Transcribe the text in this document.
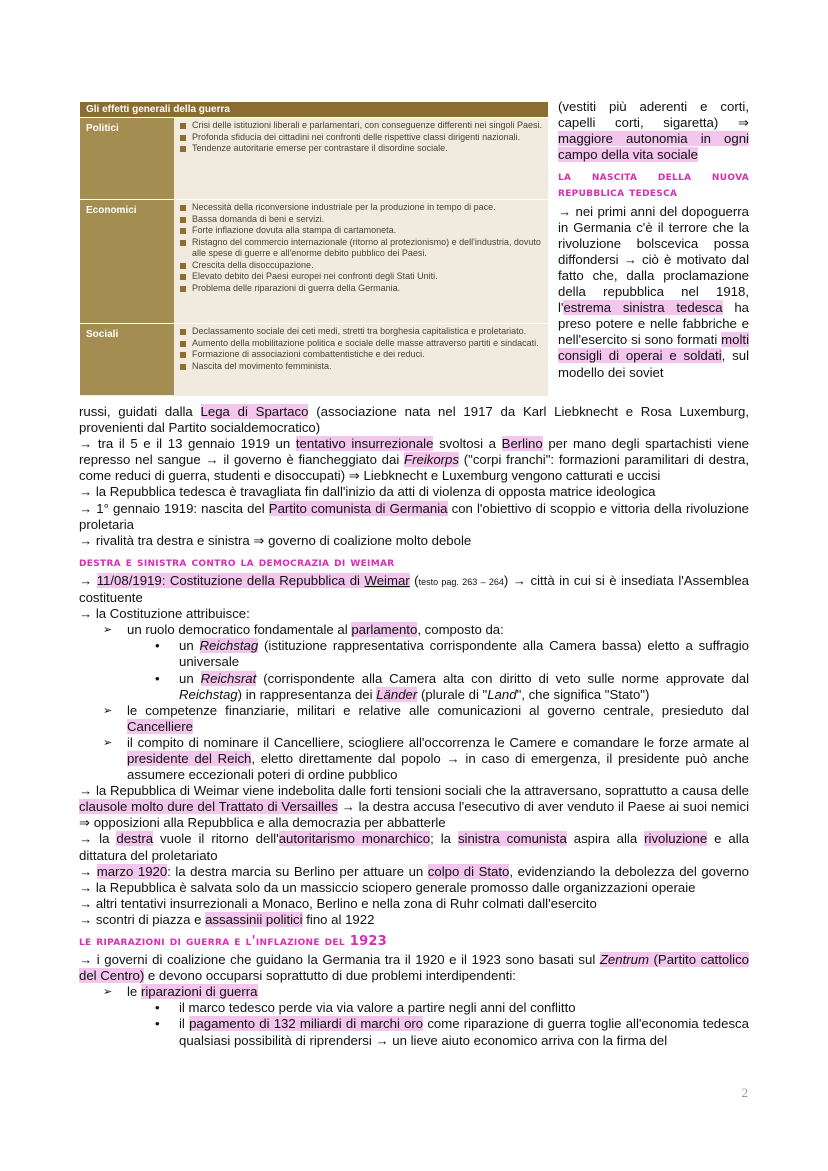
Gli effetti generali della guerra
Politici	Crisi delle istituzioni liberali e parlamentari, con conseguenze differenti nei singoli Paesi.
Profonda sfiducia dei cittadini nei confronti delle rispettive classi dirigenti nazionali.
Tendenze autoritarie emerse per contrastare il disordine sociale.
Economici	Necessità della riconversione industriale per la produzione in tempo di pace.
Bassa domanda di beni e servizi.
Forte inflazione dovuta alla stampa di cartamoneta.
Ristagno del commercio internazionale (ritorno al protezionismo) e dell'industria, dovuto alle spese di guerre e all'enorme debito pubblico dei Paesi.
Crescita della disoccupazione.
Elevato debito dei Paesi europei nei confronti degli Stati Uniti.
Problema delle riparazioni di guerra della Germania.
Sociali	Declassamento sociale dei ceti medi, stretti tra borghesia capitalistica e proletariato.
Aumento della mobilitazione politica e sociale delle masse attraverso partiti e sindacati.
Formazione di associazioni combattentistiche e dei reduci.
Nascita del movimento femminista.

(vestiti più aderenti e corti, capelli corti, sigaretta) ⇒ maggiore autonomia in ogni campo della vita sociale

la nascita della nuova repubblica tedesca

→ nei primi anni del dopoguerra in Germania c'è il terrore che la rivoluzione bolscevica possa diffondersi → ciò è motivato dal fatto che, dalla proclamazione della repubblica nel 1918, l'estrema sinistra tedesca ha preso potere e nelle fabbriche e nell'esercito si sono formati molti consigli di operai e soldati, sul modello dei soviet

russi, guidati dalla Lega di Spartaco (associazione nata nel 1917 da Karl Liebknecht e Rosa Luxemburg, provenienti dal Partito socialdemocratico)

→ tra il 5 e il 13 gennaio 1919 un tentativo insurrezionale svoltosi a Berlino per mano degli spartachisti viene represso nel sangue → il governo è fiancheggiato dai Freikorps ("corpi franchi": formazioni paramilitari di destra, come reduci di guerra, studenti e disoccupati) ⇒ Liebknecht e Luxemburg vengono catturati e uccisi

→ la Repubblica tedesca è travagliata fin dall'inizio da atti di violenza di opposta matrice ideologica

→ 1° gennaio 1919: nascita del Partito comunista di Germania con l'obiettivo di scoppio e vittoria della rivoluzione proletaria

→ rivalità tra destra e sinistra ⇒ governo di coalizione molto debole

destra e sinistra contro la democrazia di weimar

→ 11/08/1919: Costituzione della Repubblica di Weimar (testo pag. 263 – 264) → città in cui si è insediata l'Assemblea costituente

→ la Costituzione attribuisce:

➢ un ruolo democratico fondamentale al parlamento, composto da:
• un Reichstag (istituzione rappresentativa corrispondente alla Camera bassa) eletto a suffragio universale
• un Reichsrat (corrispondente alla Camera alta con diritto di veto sulle norme approvate dal Reichstag) in rappresentanza dei Länder (plurale di "Land", che significa "Stato")
➢ le competenze finanziarie, militari e relative alle comunicazioni al governo centrale, presieduto dal Cancelliere
➢ il compito di nominare il Cancelliere, sciogliere all'occorrenza le Camere e comandare le forze armate al presidente del Reich, eletto direttamente dal popolo → in caso di emergenza, il presidente può anche assumere eccezionali poteri di ordine pubblico

→ la Repubblica di Weimar viene indebolita dalle forti tensioni sociali che la attraversano, soprattutto a causa delle clausole molto dure del Trattato di Versailles → la destra accusa l'esecutivo di aver venduto il Paese ai suoi nemici ⇒ opposizioni alla Repubblica e alla democrazia per abbatterle

→ la destra vuole il ritorno dell'autoritarismo monarchico; la sinistra comunista aspira alla rivoluzione e alla dittatura del proletariato

→ marzo 1920: la destra marcia su Berlino per attuare un colpo di Stato, evidenziando la debolezza del governo → la Repubblica è salvata solo da un massiccio sciopero generale promosso dalle organizzazioni operaie

→ altri tentativi insurrezionali a Monaco, Berlino e nella zona di Ruhr colmati dall'esercito

→ scontri di piazza e assassinii politici fino al 1922

le riparazioni di guerra e l'inflazione del 1923

→ i governi di coalizione che guidano la Germania tra il 1920 e il 1923 sono basati sul Zentrum (Partito cattolico del Centro) e devono occuparsi soprattutto di due problemi interdipendenti:

➢ le riparazioni di guerra
• il marco tedesco perde via via valore a partire negli anni del conflitto
• il pagamento di 132 miliardi di marchi oro come riparazione di guerra toglie all'economia tedesca qualsiasi possibilità di riprendersi → un lieve aiuto economico arriva con la firma del
2
